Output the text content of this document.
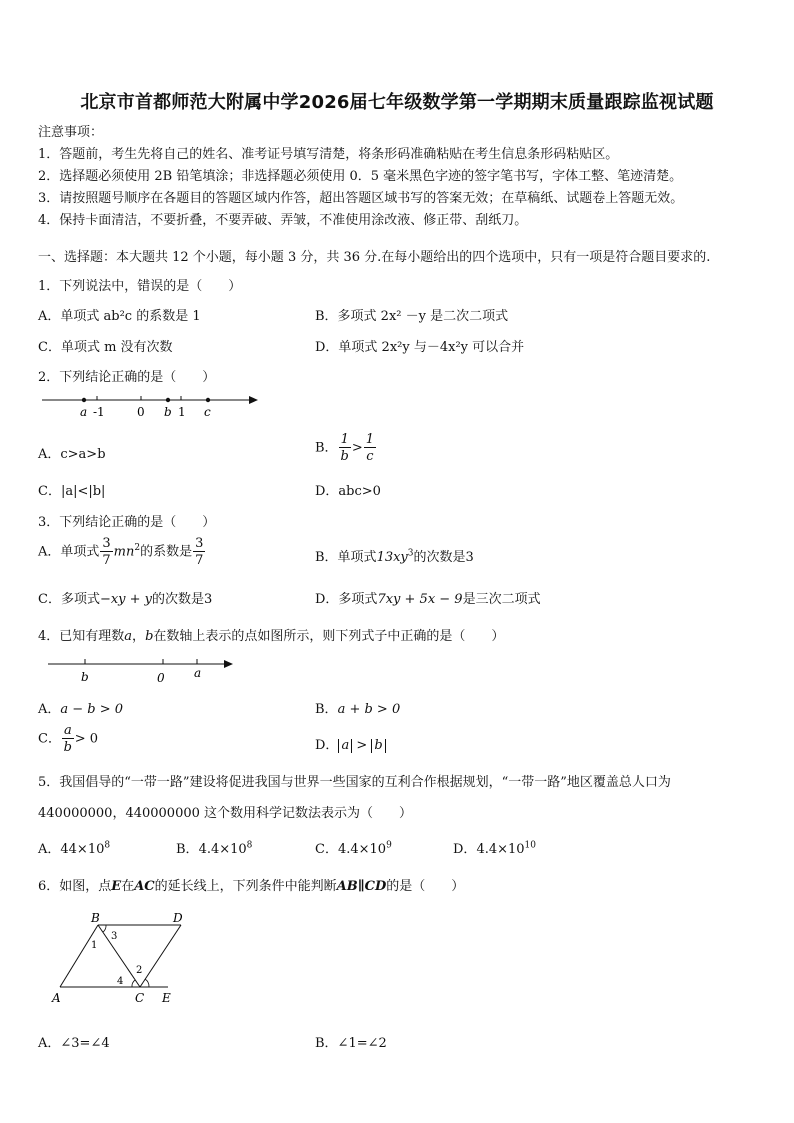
北京市首都师范大附属中学2026届七年级数学第一学期期末质量跟踪监视试题
注意事项：
1．答题前，考生先将自己的姓名、准考证号填写清楚，将条形码准确粘贴在考生信息条形码粘贴区。
2．选择题必须使用 2B 铅笔填涂；非选择题必须使用 0．5 毫米黑色字迹的签字笔书写，字体工整、笔迹清楚。
3．请按照题号顺序在各题目的答题区域内作答，超出答题区域书写的答案无效；在草稿纸、试题卷上答题无效。
4．保持卡面清洁，不要折叠，不要弄破、弄皱，不准使用涂改液、修正带、刮纸刀。
一、选择题：本大题共 12 个小题，每小题 3 分，共 36 分.在每小题给出的四个选项中，只有一项是符合题目要求的.
1．下列说法中，错误的是（　　）
A．单项式 ab²c 的系数是 1	B．多项式 2x² －y 是二次二项式
C．单项式 m 没有次数	D．单项式 2x²y 与－4x²y 可以合并
2．下列结论正确的是（　　）
a -1	0 b 1 c
A．c>a>b	B． $\frac{1}{b} > \frac{1}{c}$
C．|a|<|b|	D．abc>0
3．下列结论正确的是（　　）
A．单项式 $\frac{3}{7} mn^2$的系数是 $\frac{3}{7}$	B．单项式$13xy^3$的次数是3
C．多项式−xy + y的次数是3	D．多项式7xy + 5x − 9是三次二项式
4．已知有理数a，b在数轴上表示的点如图所示，则下列式子中正确的是（　　）
b	0 a
A．a − b > 0	B．a + b > 0
C． $\frac{a}{b} > 0$	D． a > b
5．我国倡导的“一带一路”建设将促进我国与世界一些国家的互利合作根据规划，“一带一路”地区覆盖总人口为
440000000，440000000 这个数用科学记数法表示为（　　）
A．$44\times 10^8$	B．$4.4\times 10^8$	C．$4.4\times 10^9$	D．$4.4\times 10^{10}$
6．如图，点E在AC的延长线上，下列条件中能判断AB∥CD的是（　　）
B	D
A	C E
1
3
2
4
A．∠3=∠4	B．∠1=∠2
